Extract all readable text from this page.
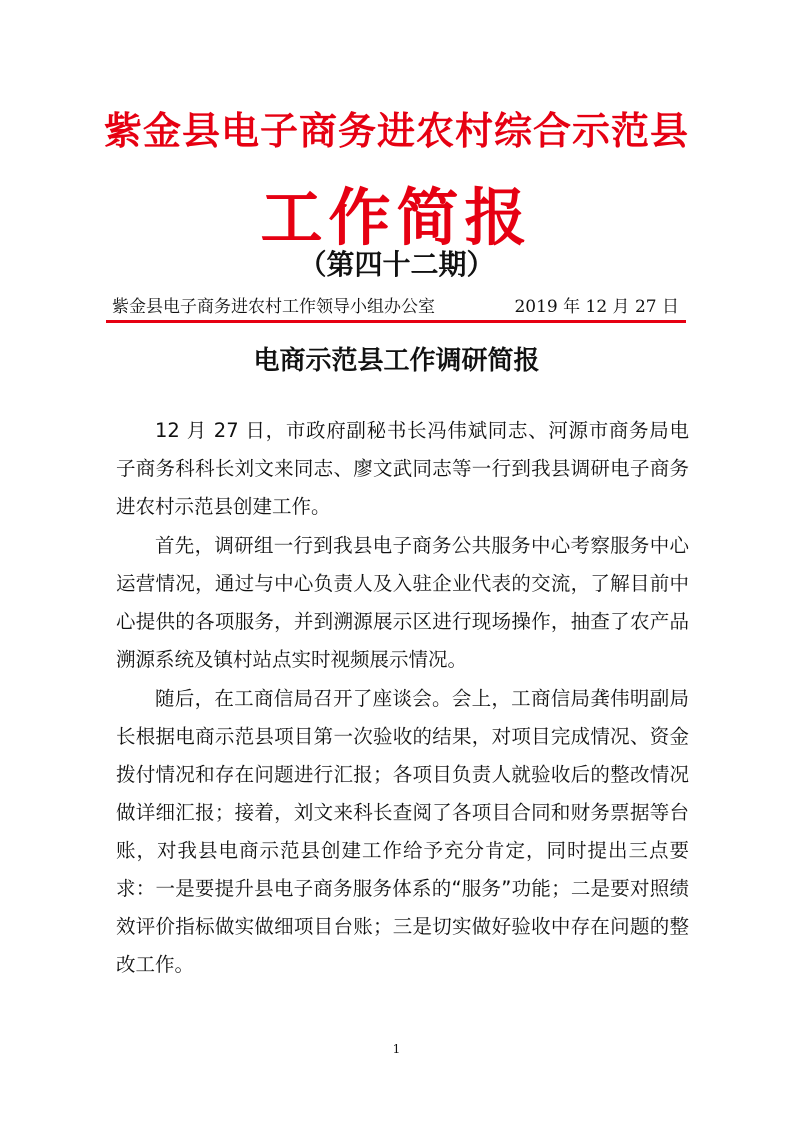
紫金县电子商务进农村综合示范县
工作简报
（第四十二期）
紫金县电子商务进农村工作领导小组办公室	2019 年 12 月 27 日
电商示范县工作调研简报

12 月 27 日，市政府副秘书长冯伟斌同志、河源市商务局电子商务科科长刘文来同志、廖文武同志等一行到我县调研电子商务进农村示范县创建工作。

首先，调研组一行到我县电子商务公共服务中心考察服务中心运营情况，通过与中心负责人及入驻企业代表的交流，了解目前中心提供的各项服务，并到溯源展示区进行现场操作，抽查了农产品溯源系统及镇村站点实时视频展示情况。

随后，在工商信局召开了座谈会。会上，工商信局龚伟明副局长根据电商示范县项目第一次验收的结果，对项目完成情况、资金拨付情况和存在问题进行汇报；各项目负责人就验收后的整改情况做详细汇报；接着，刘文来科长查阅了各项目合同和财务票据等台账，对我县电商示范县创建工作给予充分肯定，同时提出三点要求：一是要提升县电子商务服务体系的“服务”功能；二是要对照绩效评价指标做实做细项目台账；三是切实做好验收中存在问题的整改工作。

1
